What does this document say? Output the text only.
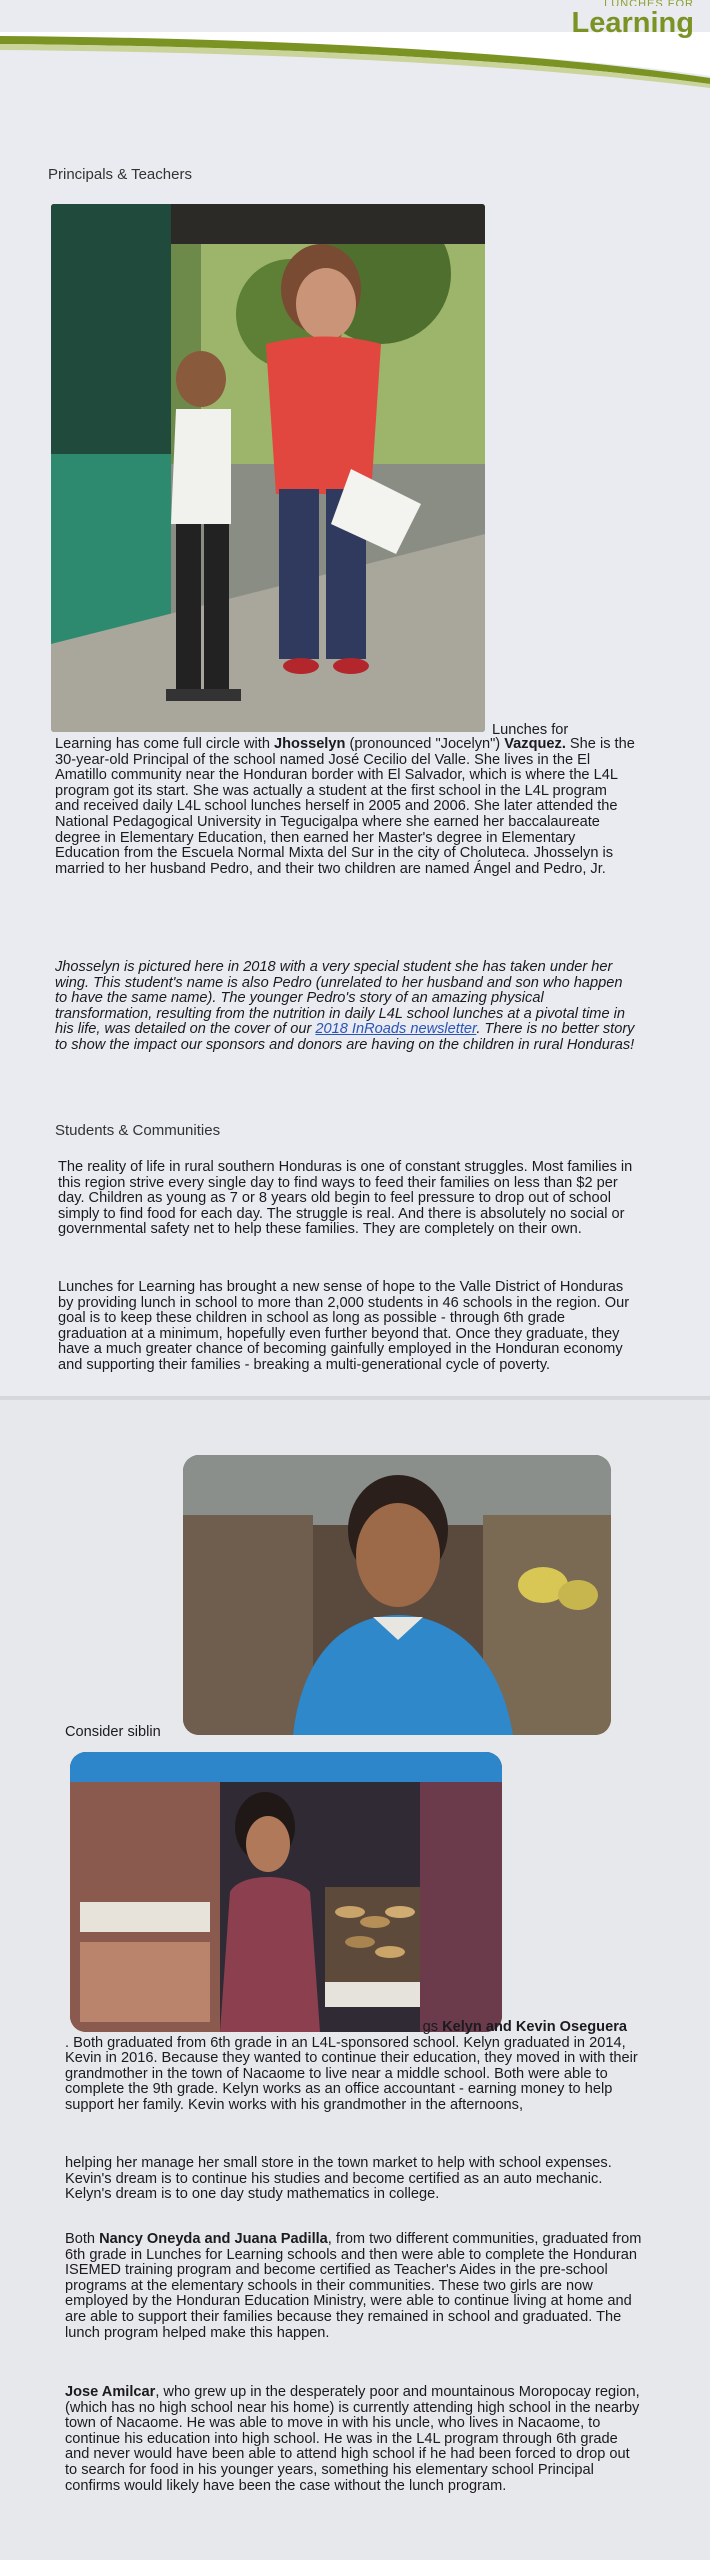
LUNCHES FOR
Learning
Principals & Teachers
Lunches for

Learning has come full circle with Jhosselyn (pronounced "Jocelyn") Vazquez. She is the 30-year-old Principal of the school named José Cecilio del Valle. She lives in the El Amatillo community near the Honduran border with El Salvador, which is where the L4L program got its start. She was actually a student at the first school in the L4L program and received daily L4L school lunches herself in 2005 and 2006. She later attended the National Pedagogical University in Tegucigalpa where she earned her baccalaureate degree in Elementary Education, then earned her Master's degree in Elementary Education from the Escuela Normal Mixta del Sur in the city of Choluteca. Jhosselyn is married to her husband Pedro, and their two children are named Ángel and Pedro, Jr.

Jhosselyn is pictured here in 2018 with a very special student she has taken under her wing. This student's name is also Pedro (unrelated to her husband and son who happen to have the same name). The younger Pedro's story of an amazing physical transformation, resulting from the nutrition in daily L4L school lunches at a pivotal time in his life, was detailed on the cover of our 2018 InRoads newsletter. There is no better story to show the impact our sponsors and donors are having on the children in rural Honduras!

Students & Communities

The reality of life in rural southern Honduras is one of constant struggles. Most families in this region strive every single day to find ways to feed their families on less than $2 per day. Children as young as 7 or 8 years old begin to feel pressure to drop out of school simply to find food for each day. The struggle is real. And there is absolutely no social or governmental safety net to help these families. They are completely on their own.

Lunches for Learning has brought a new sense of hope to the Valle District of Honduras by providing lunch in school to more than 2,000 students in 46 schools in the region. Our goal is to keep these children in school as long as possible - through 6th grade graduation at a minimum, hopefully even further beyond that. Once they graduate, they have a much greater chance of becoming gainfully employed in the Honduran economy and supporting their families - breaking a multi-generational cycle of poverty.

Consider siblin

gs Kelyn and Kevin Oseguera
. Both graduated from 6th grade in an L4L-sponsored school. Kelyn graduated in 2014, Kevin in 2016. Because they wanted to continue their education, they moved in with their grandmother in the town of Nacaome to live near a middle school. Both were able to complete the 9th grade. Kelyn works as an office accountant - earning money to help support her family. Kevin works with his grandmother in the afternoons,

helping her manage her small store in the town market to help with school expenses. Kevin's dream is to continue his studies and become certified as an auto mechanic. Kelyn's dream is to one day study mathematics in college.

Both Nancy Oneyda and Juana Padilla, from two different communities, graduated from 6th grade in Lunches for Learning schools and then were able to complete the Honduran ISEMED training program and become certified as Teacher's Aides in the pre-school programs at the elementary schools in their communities. These two girls are now employed by the Honduran Education Ministry, were able to continue living at home and are able to support their families because they remained in school and graduated. The lunch program helped make this happen.

Jose Amilcar, who grew up in the desperately poor and mountainous Moropocay region, (which has no high school near his home) is currently attending high school in the nearby town of Nacaome. He was able to move in with his uncle, who lives in Nacaome, to continue his education into high school. He was in the L4L program through 6th grade and never would have been able to attend high school if he had been forced to drop out to search for food in his younger years, something his elementary school Principal confirms would likely have been the case without the lunch program.
